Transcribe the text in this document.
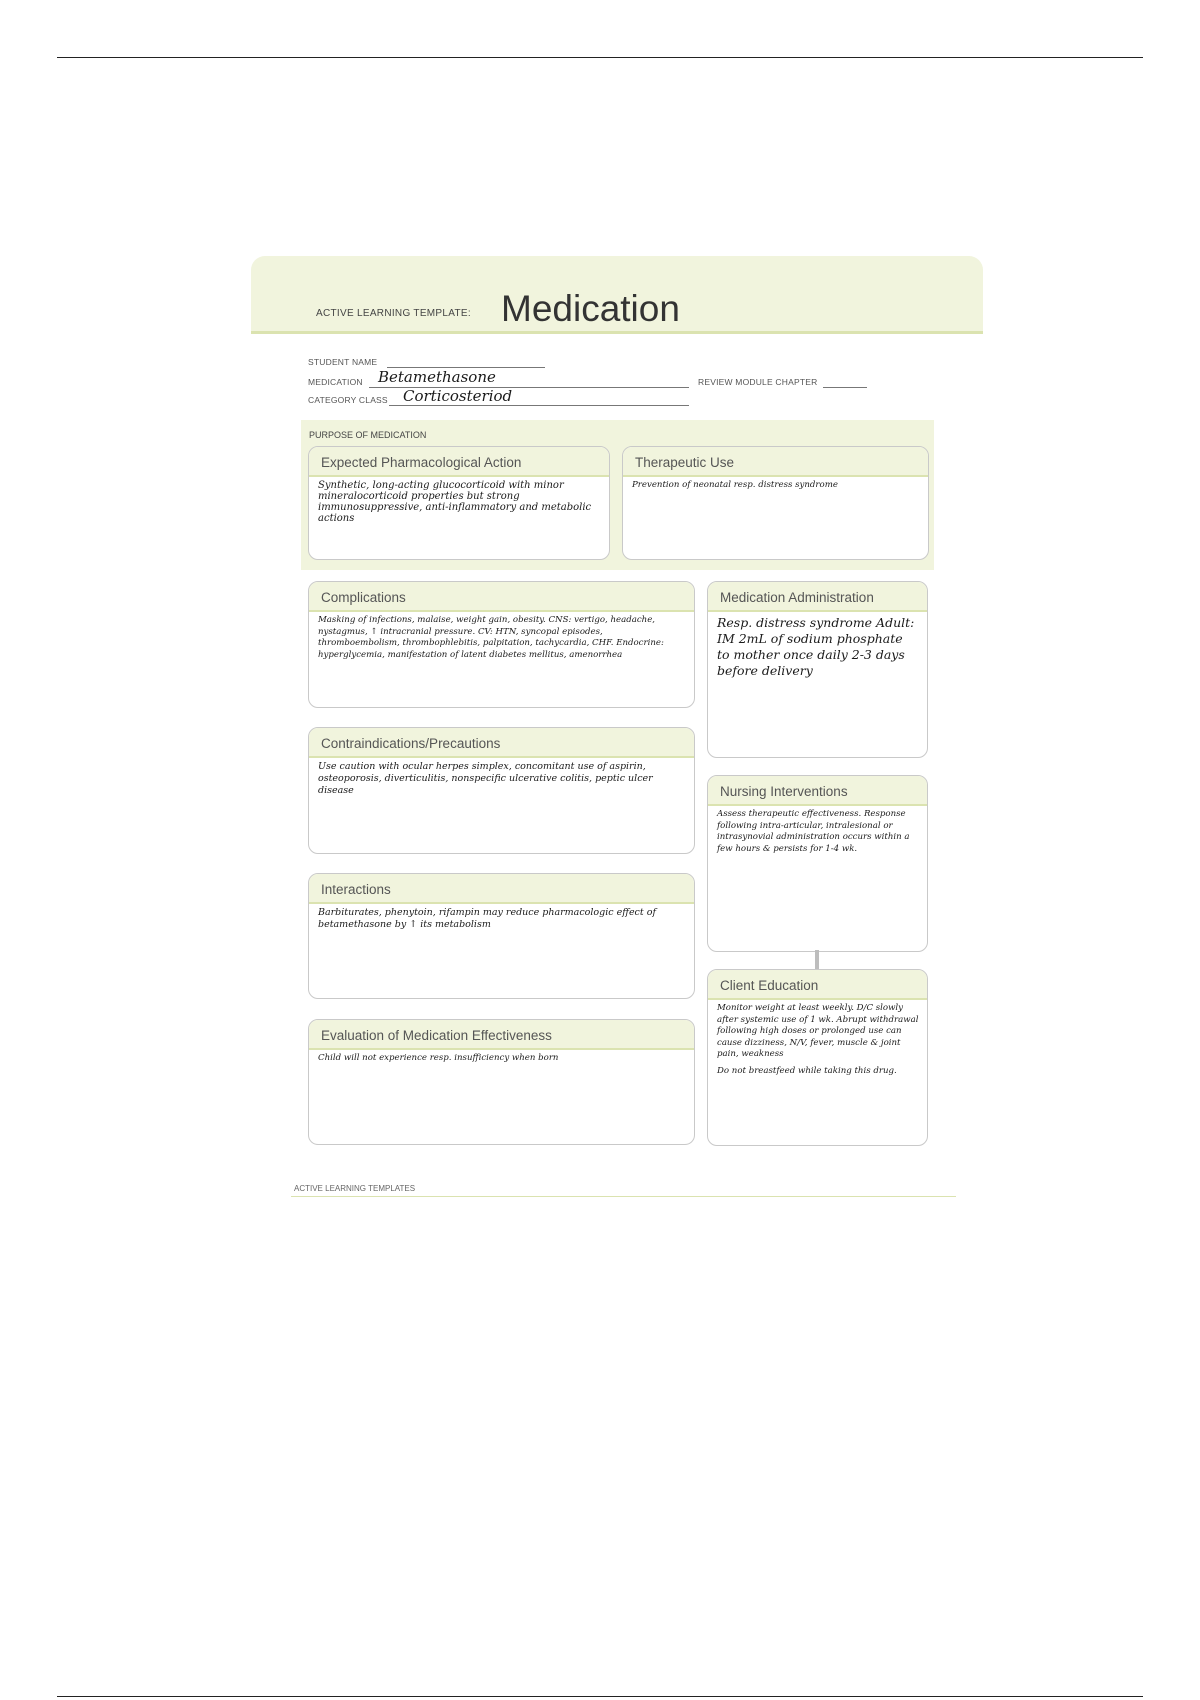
ACTIVE LEARNING TEMPLATE: Medication
STUDENT NAME
MEDICATION Betamethasone	REVIEW MODULE CHAPTER
CATEGORY CLASS Corticosteriod
PURPOSE OF MEDICATION
Expected Pharmacological Action
Synthetic, long-acting glucocorticoid with minor mineralocorticoid properties but strong immunosuppressive, anti-inflammatory and metabolic actions
Therapeutic Use
Prevention of neonatal resp. distress syndrome
Complications
Masking of infections, malaise, weight gain, obesity. CNS: vertigo, headache, nystagmus, ↑ intracranial pressure. CV: HTN, syncopal episodes, thromboembolism, thrombophlebitis, palpitation, tachycardia, CHF. Endocrine: hyperglycemia, manifestation of latent diabetes mellitus, amenorrhea
Contraindications/Precautions
Use caution with ocular herpes simplex, concomitant use of aspirin, osteoporosis, diverticulitis, nonspecific ulcerative colitis, peptic ulcer disease
Interactions
Barbiturates, phenytoin, rifampin may reduce pharmacologic effect of betamethasone by ↑ its metabolism
Evaluation of Medication Effectiveness
Child will not experience resp. insufficiency when born
Medication Administration
Resp. distress syndrome Adult: IM 2mL of sodium phosphate to mother once daily 2-3 days before delivery
Nursing Interventions
Assess therapeutic effectiveness. Response following intra-articular, intralesional or intrasynovial administration occurs within a few hours & persists for 1-4 wk.
Client Education

Monitor weight at least weekly. D/C slowly after systemic use of 1 wk. Abrupt withdrawal following high doses or prolonged use can cause dizziness, N/V, fever, muscle & joint pain, weakness

Do not breastfeed while taking this drug.

ACTIVE LEARNING TEMPLATES
